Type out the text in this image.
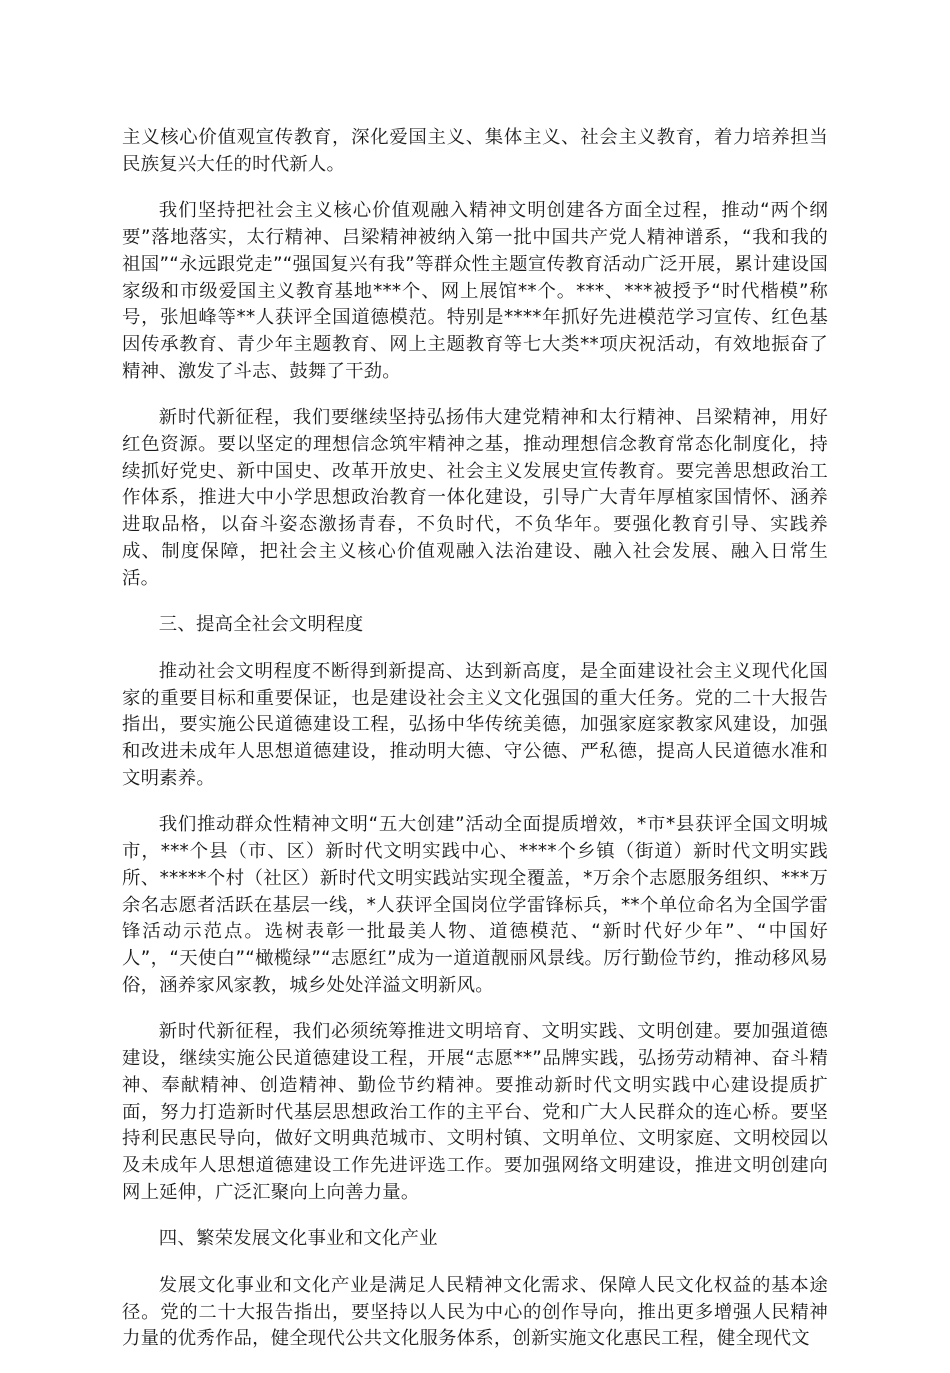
主义核心价值观宣传教育，深化爱国主义、集体主义、社会主义教育，着力培养担当民族复兴大任的时代新人。

我们坚持把社会主义核心价值观融入精神文明创建各方面全过程，推动“两个纲要”落地落实，太行精神、吕梁精神被纳入第一批中国共产党人精神谱系，“我和我的祖国”“永远跟党走”“强国复兴有我”等群众性主题宣传教育活动广泛开展，累计建设国家级和市级爱国主义教育基地***个、网上展馆**个。***、***被授予“时代楷模”称号，张旭峰等**人获评全国道德模范。特别是****年抓好先进模范学习宣传、红色基因传承教育、青少年主题教育、网上主题教育等七大类**项庆祝活动，有效地振奋了精神、激发了斗志、鼓舞了干劲。

新时代新征程，我们要继续坚持弘扬伟大建党精神和太行精神、吕梁精神，用好红色资源。要以坚定的理想信念筑牢精神之基，推动理想信念教育常态化制度化，持续抓好党史、新中国史、改革开放史、社会主义发展史宣传教育。要完善思想政治工作体系，推进大中小学思想政治教育一体化建设，引导广大青年厚植家国情怀、涵养进取品格，以奋斗姿态激扬青春，不负时代，不负华年。要强化教育引导、实践养成、制度保障，把社会主义核心价值观融入法治建设、融入社会发展、融入日常生活。

三、提高全社会文明程度

推动社会文明程度不断得到新提高、达到新高度，是全面建设社会主义现代化国家的重要目标和重要保证，也是建设社会主义文化强国的重大任务。党的二十大报告指出，要实施公民道德建设工程，弘扬中华传统美德，加强家庭家教家风建设，加强和改进未成年人思想道德建设，推动明大德、守公德、严私德，提高人民道德水准和文明素养。

我们推动群众性精神文明“五大创建”活动全面提质增效，*市*县获评全国文明城市，***个县（市、区）新时代文明实践中心、****个乡镇（街道）新时代文明实践所、*****个村（社区）新时代文明实践站实现全覆盖，*万余个志愿服务组织、***万余名志愿者活跃在基层一线，*人获评全国岗位学雷锋标兵，**个单位命名为全国学雷锋活动示范点。选树表彰一批最美人物、道德模范、“新时代好少年”、“中国好人”，“天使白”“橄榄绿”“志愿红”成为一道道靓丽风景线。厉行勤俭节约，推动移风易俗，涵养家风家教，城乡处处洋溢文明新风。

新时代新征程，我们必须统筹推进文明培育、文明实践、文明创建。要加强道德建设，继续实施公民道德建设工程，开展“志愿**”品牌实践，弘扬劳动精神、奋斗精神、奉献精神、创造精神、勤俭节约精神。要推动新时代文明实践中心建设提质扩面，努力打造新时代基层思想政治工作的主平台、党和广大人民群众的连心桥。要坚持利民惠民导向，做好文明典范城市、文明村镇、文明单位、文明家庭、文明校园以及未成年人思想道德建设工作先进评选工作。要加强网络文明建设，推进文明创建向网上延伸，广泛汇聚向上向善力量。

四、繁荣发展文化事业和文化产业

发展文化事业和文化产业是满足人民精神文化需求、保障人民文化权益的基本途径。党的二十大报告指出，要坚持以人民为中心的创作导向，推出更多增强人民精神力量的优秀作品，健全现代公共文化服务体系，创新实施文化惠民工程，健全现代文
